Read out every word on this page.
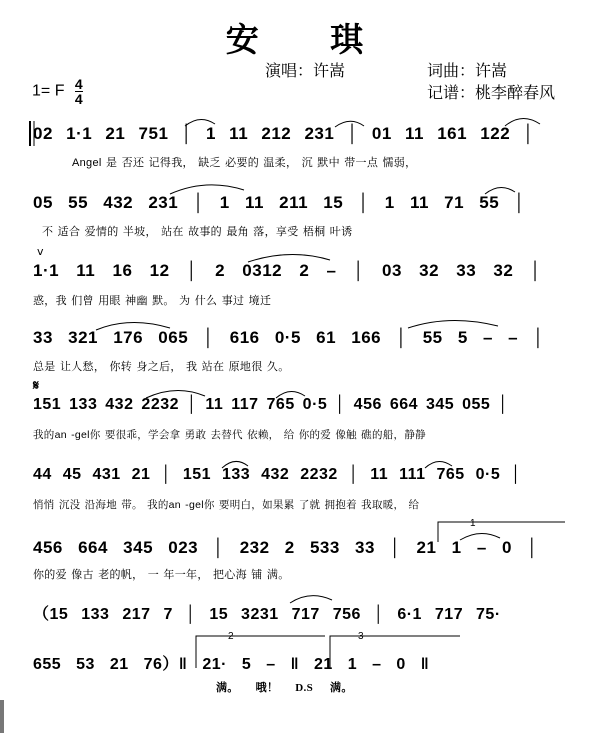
安 琪
演唱：许嵩	词曲：许嵩
记谱：桃李醉春风
1= F $\frac{4}{4}$
02 1·1 21 751 │ 1 11 212 231 │ 01 11 161 122 │
Angel 是 否还 记得我， 缺乏 必要的 温柔， 沉 默中 带一点 懦弱，
05 55 432 231 │ 1 11 211 15 │ 1 11 71 55 │
不 适合 爱情的 半坡， 站在 故事的 最角 落，享受 梧桐 叶诱
1·1 11 16 12 │ 2 0312 2 – │ 03 32 33 32 │
惑，我 们曾 用眼 神幽 默。 为 什么 事过 境迁
v
33 321 176 065 │ 616 0·5 61 166 │ 55 5 – – │
总是 让人愁， 你转 身之后， 我 站在 原地很 久。
𝄋
151 133 432 2232 │ 11 117 765 0·5 │ 456 664 345 055 │
我的an -gel你 要很乖，学会拿 勇敢 去替代 依赖， 给 你的爱 像触 礁的船，静静
44 45 431 21 │ 151 133 432 2232 │ 11 111 765 0·5 │
悄悄 沉没 沿海地 带。 我的an -gel你 要明白，如果累 了就 拥抱着 我取暖， 给
456 664 345 023 │ 232 2 533 33 │ 21 1 – 0 │
你的爱 像古 老的帆， 一 年一年， 把心海 铺 满。
1
（15 133 217 7 │ 15 3231 717 756 │ 6·1 717 75·
655 53 21 76）‖ 21· 5 – ‖ 21 1 – 0 ‖
满。 哦！ D.S 满。
2	3
